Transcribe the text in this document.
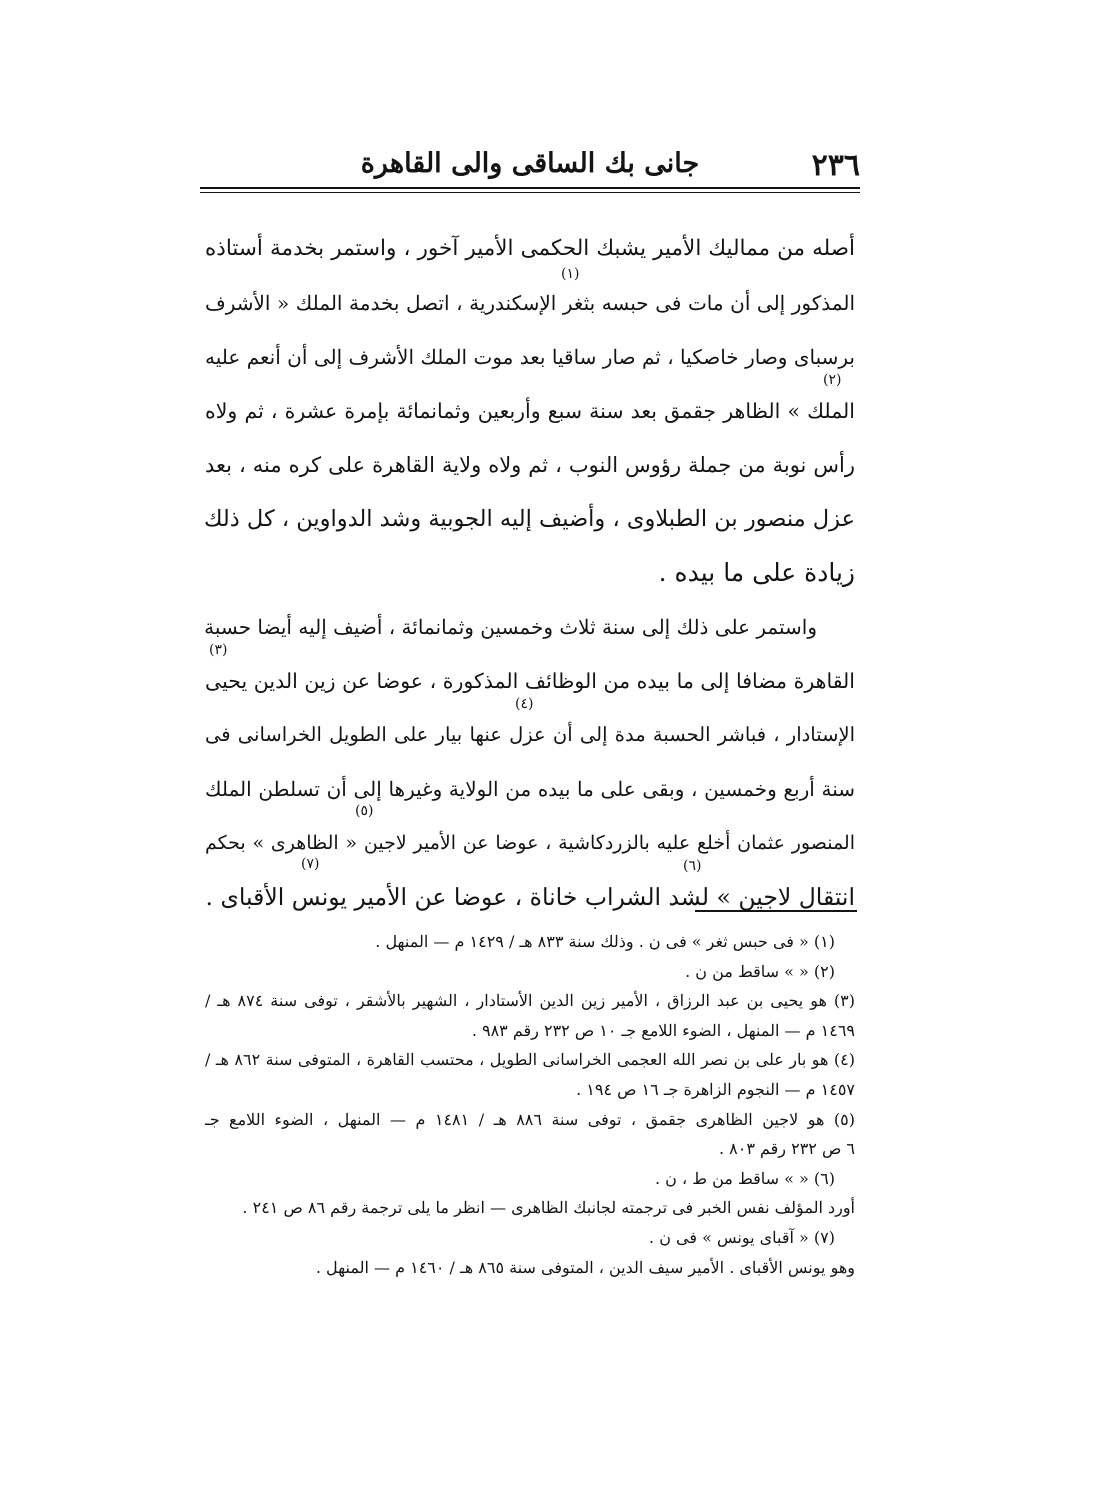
٢٣٦
جانى بك الساقى والى القاهرة
أصله من مماليك الأمير يشبك الحكمى الأمير آخور ، واستمر بخدمة أستاذه
المذكور إلى أن مات فى حبسه بثغر الإسكندرية ، اتصل بخدمة الملك « الأشرف
برسباى وصار خاصكيا ، ثم صار ساقيا بعد موت الملك الأشرف إلى أن أنعم عليه
الملك » الظاهر جقمق بعد سنة سبع وأربعين وثمانمائة بإمرة عشرة ، ثم ولاه
رأس نوبة من جملة رؤوس النوب ، ثم ولاه ولاية القاهرة على كره منه ، بعد
عزل منصور بن الطبلاوى ، وأضيف إليه الجوبية وشد الدواوين ، كل ذلك
زيادة على ما بيده .
واستمر على ذلك إلى سنة ثلاث وخمسين وثمانمائة ، أضيف إليه أيضا حسبة
القاهرة مضافا إلى ما بيده من الوظائف المذكورة ، عوضا عن زين الدين يحيى
الإستادار ، فباشر الحسبة مدة إلى أن عزل عنها بيار على الطويل الخراسانى فى
سنة أربع وخمسين ، وبقى على ما بيده من الولاية وغيرها إلى أن تسلطن الملك
المنصور عثمان أخلع عليه بالزردكاشية ، عوضا عن الأمير لاجين « الظاهرى » بحكم
انتقال لاجين » لشد الشراب خاناة ، عوضا عن الأمير يونس الأقباى .
(١)
(٢)
(٣)
(٤)
(٥)
(٦)
(٧)
(١) « فى حبس ثغر » فى ن . وذلك سنة ٨٣٣ هـ / ١٤٢٩ م — المنهل .
(٢) « » ساقط من ن .
(٣) هو يحيى بن عبد الرزاق ، الأمير زين الدين الأستادار ، الشهير بالأشقر ، توفى سنة ٨٧٤ هـ /
١٤٦٩ م — المنهل ، الضوء اللامع جـ ١٠ ص ٢٣٢ رقم ٩٨٣ .
(٤) هو بار على بن نصر الله العجمى الخراسانى الطويل ، محتسب القاهرة ، المتوفى سنة ٨٦٢ هـ /
١٤٥٧ م — النجوم الزاهرة جـ ١٦ ص ١٩٤ .
(٥) هو لاجين الظاهرى جقمق ، توفى سنة ٨٨٦ هـ / ١٤٨١ م — المنهل ، الضوء اللامع جـ
٦ ص ٢٣٢ رقم ٨٠٣ .
(٦) « » ساقط من ط ، ن .
أورد المؤلف نفس الخبر فى ترجمته لجانبك الظاهرى — انظر ما يلى ترجمة رقم ٨٦ ص ٢٤١ .
(٧) « آقباى يونس » فى ن .
وهو يونس الأقباى . الأمير سيف الدين ، المتوفى سنة ٨٦٥ هـ / ١٤٦٠ م — المنهل .
